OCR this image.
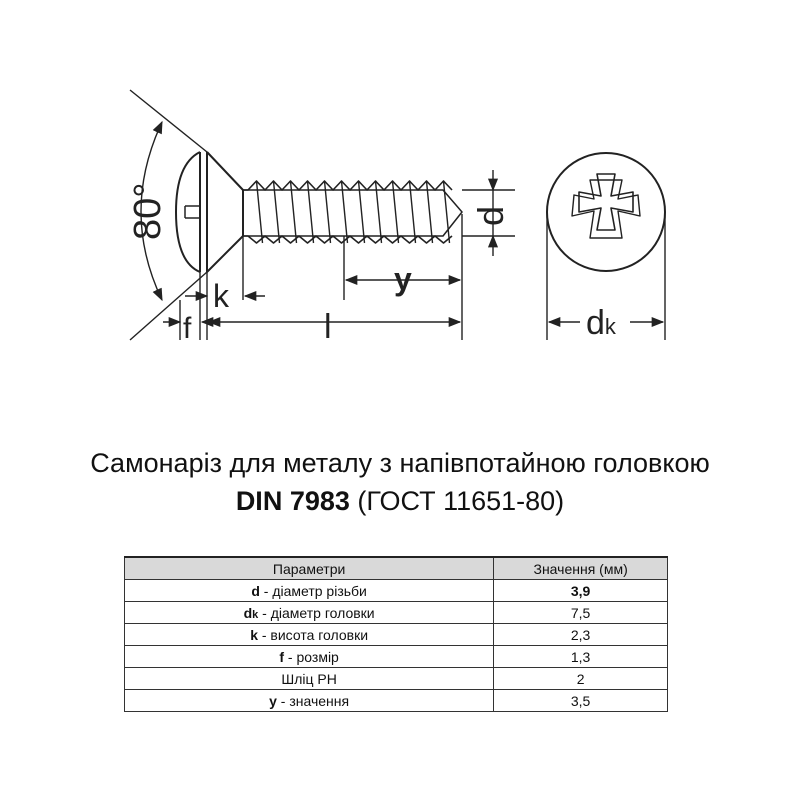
80°	d
y
l
k
f	dk
Самонаріз для металу з напівпотайною головкою
DIN 7983 (ГОСТ 11651-80)
Параметри	Значення (мм)
d - діаметр різьби	3,9
dk - діаметр головки	7,5
k - висота головки	2,3
f - розмір	1,3
Шліц PH	2
y - значення	3,5
